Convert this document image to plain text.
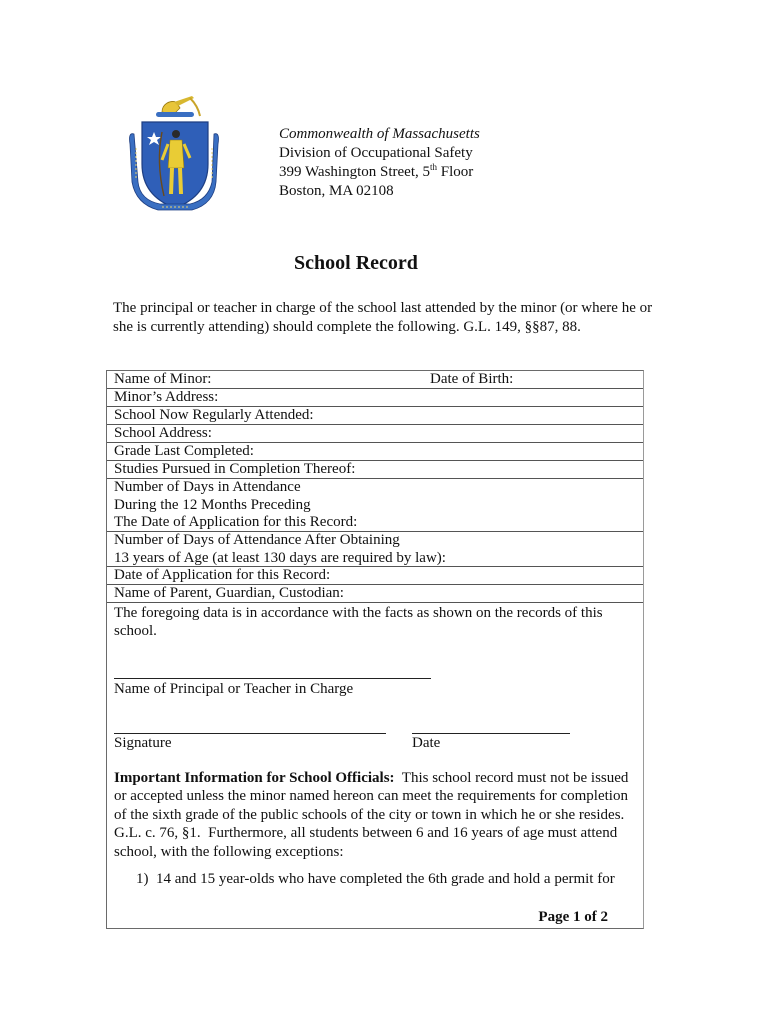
Commonwealth of Massachusetts
Division of Occupational Safety
399 Washington Street, 5th Floor
Boston, MA 02108
School Record
The principal or teacher in charge of the school last attended by the minor (or where he or she is currently attending) should complete the following. G.L. 149, §§87, 88.
Name of Minor:	Date of Birth:
Minor’s Address:
School Now Regularly Attended:
School Address:
Grade Last Completed:
Studies Pursued in Completion Thereof:
Number of Days in Attendance
During the 12 Months Preceding
The Date of Application for this Record:
Number of Days of Attendance After Obtaining
13 years of Age (at least 130 days are required by law):
Date of Application for this Record:
Name of Parent, Guardian, Custodian:
The foregoing data is in accordance with the facts as shown on the records of this school.
Name of Principal or Teacher in Charge
Signature	Date
Important Information for School Officials:  This school record must not be issued or accepted unless the minor named hereon can meet the requirements for completion of the sixth grade of the public schools of the city or town in which he or she resides. G.L. c. 76, §1.  Furthermore, all students between 6 and 16 years of age must attend school, with the following exceptions:
1)  14 and 15 year-olds who have completed the 6th grade and hold a permit for
Page 1 of 2
